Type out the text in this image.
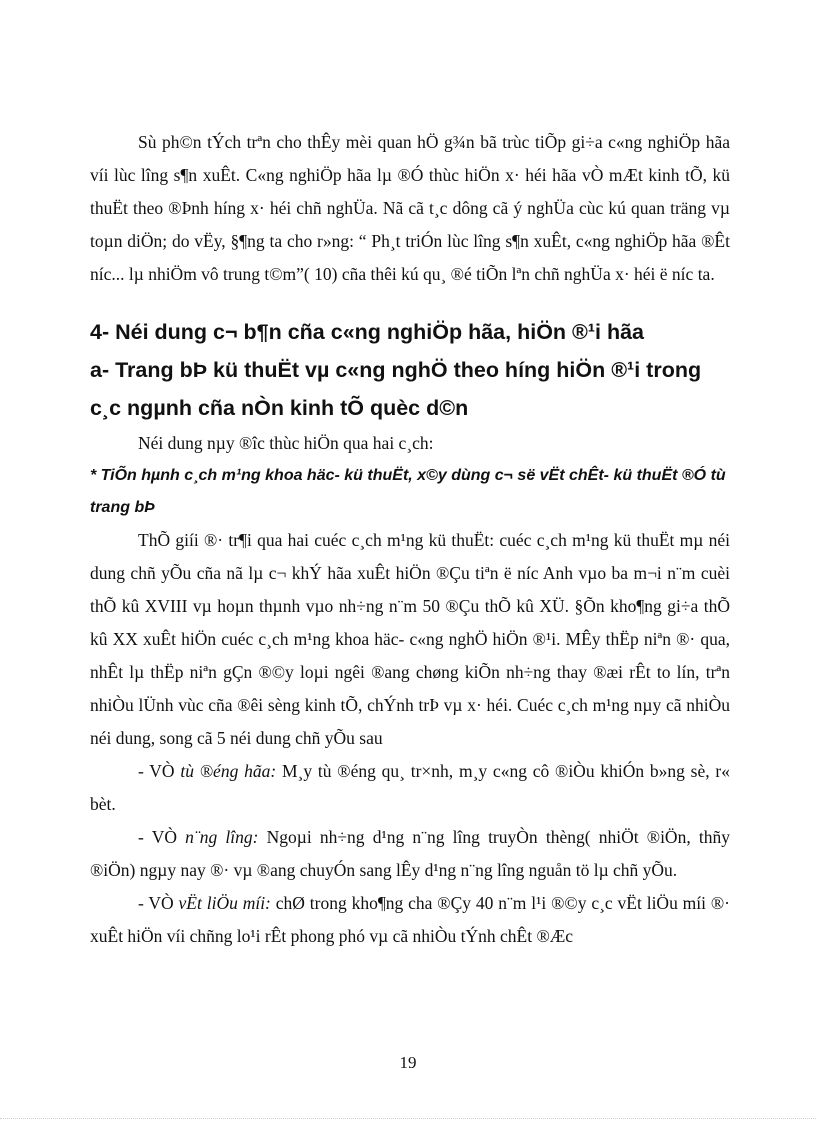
Sù ph©n tÝch trªn cho thÊy mèi quan hÖ g¾n bã trùc tiÕp gi÷a c«ng nghiÖp hãa víi lùc lîng s¶n xuÊt. C«ng nghiÖp hãa lµ ®Ó thùc hiÖn x· héi hãa vÒ mÆt kinh tÕ, kü thuËt theo ®Þnh híng x· héi chñ nghÜa. Nã cã t¸c dông cã ý nghÜa cùc kú quan träng vµ toµn diÖn; do vËy, §¶ng ta cho r»ng: “ Ph¸t triÓn lùc lîng s¶n xuÊt, c«ng nghiÖp hãa ®Êt níc... lµ nhiÖm vô trung t©m”( 10) cña thêi kú qu¸ ®é tiÕn lªn chñ nghÜa x· héi ë níc ta.

4- Néi dung c¬ b¶n cña c«ng nghiÖp hãa, hiÖn ®¹i hãa

a- Trang bÞ kü thuËt vµ c«ng nghÖ theo híng hiÖn ®¹i trong c¸c ngµnh cña nÒn kinh tÕ quèc d©n

Néi dung nµy ®îc thùc hiÖn qua hai c¸ch:

* TiÕn hµnh c¸ch m¹ng khoa häc- kü thuËt, x©y dùng c¬ së vËt chÊt- kü thuËt ®Ó tù trang bÞ

ThÕ giíi ®· tr¶i qua hai cuéc c¸ch m¹ng kü thuËt: cuéc c¸ch m¹ng kü thuËt mµ néi dung chñ yÕu cña nã lµ c¬ khÝ hãa xuÊt hiÖn ®Çu tiªn ë níc Anh vµo ba m¬i n¨m cuèi thÕ kû XVIII vµ hoµn thµnh vµo nh÷ng n¨m 50 ®Çu thÕ kû XÜ. §Õn kho¶ng gi÷a thÕ kû XX xuÊt hiÖn cuéc c¸ch m¹ng khoa häc- c«ng nghÖ hiÖn ®¹i. MÊy thËp niªn ®· qua, nhÊt lµ thËp niªn gÇn ®©y loµi ngêi ®ang chøng kiÕn nh÷ng thay ®æi rÊt to lín, trªn nhiÒu lÜnh vùc cña ®êi sèng kinh tÕ, chÝnh trÞ vµ x· héi. Cuéc c¸ch m¹ng nµy cã nhiÒu néi dung, song cã 5 néi dung chñ yÕu sau

- VÒ tù ®éng hãa: M¸y tù ®éng qu¸ tr×nh, m¸y c«ng cô ®iÒu khiÓn b»ng sè, r« bèt.

- VÒ n¨ng lîng: Ngoµi nh÷ng d¹ng n¨ng lîng truyÒn thèng( nhiÖt ®iÖn, thñy ®iÖn) ngµy nay ®· vµ ®ang chuyÓn sang lÊy d¹ng n¨ng lîng nguån tö lµ chñ yÕu.

- VÒ vËt liÖu míi: chØ trong kho¶ng cha ®Çy 40 n¨m l¹i ®©y c¸c vËt liÖu míi ®· xuÊt hiÖn víi chñng lo¹i rÊt phong phó vµ cã nhiÒu tÝnh chÊt ®Æc

19
